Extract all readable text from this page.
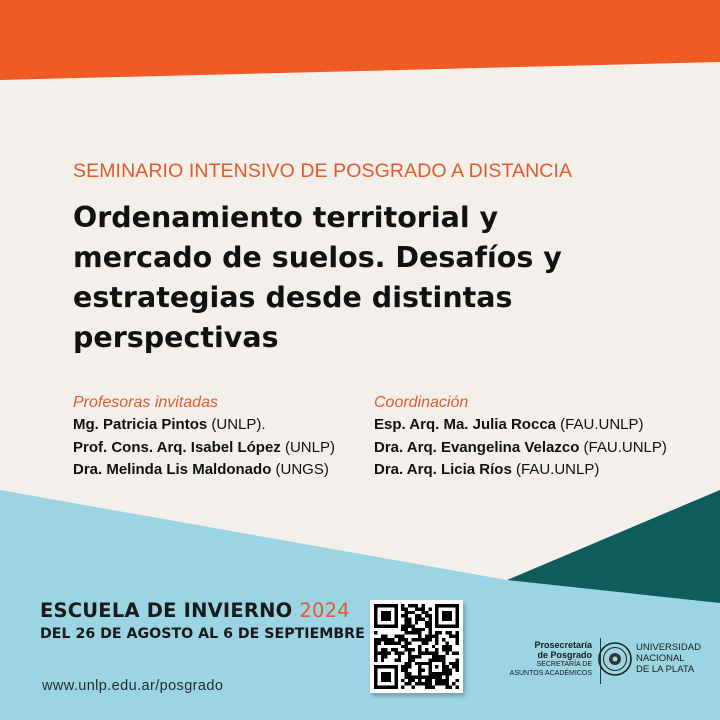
SEMINARIO INTENSIVO DE POSGRADO A DISTANCIA
Ordenamiento territorial y
mercado de suelos. Desafíos y
estrategias desde distintas
perspectivas
Profesoras invitadas
Mg. Patricia Pintos (UNLP).
Prof. Cons. Arq. Isabel López (UNLP)
Dra. Melinda Lis Maldonado (UNGS)
Coordinación
Esp. Arq. Ma. Julia Rocca (FAU.UNLP)
Dra. Arq. Evangelina Velazco (FAU.UNLP)
Dra. Arq. Licia Ríos (FAU.UNLP)
ESCUELA DE INVIERNO 2024
DEL 26 DE AGOSTO AL 6 DE SEPTIEMBRE
www.unlp.edu.ar/posgrado
Prosecretaría
de Posgrado
SECRETARÍA DE
ASUNTOS ACADÉMICOS
UNIVERSIDAD
NACIONAL
DE LA PLATA
